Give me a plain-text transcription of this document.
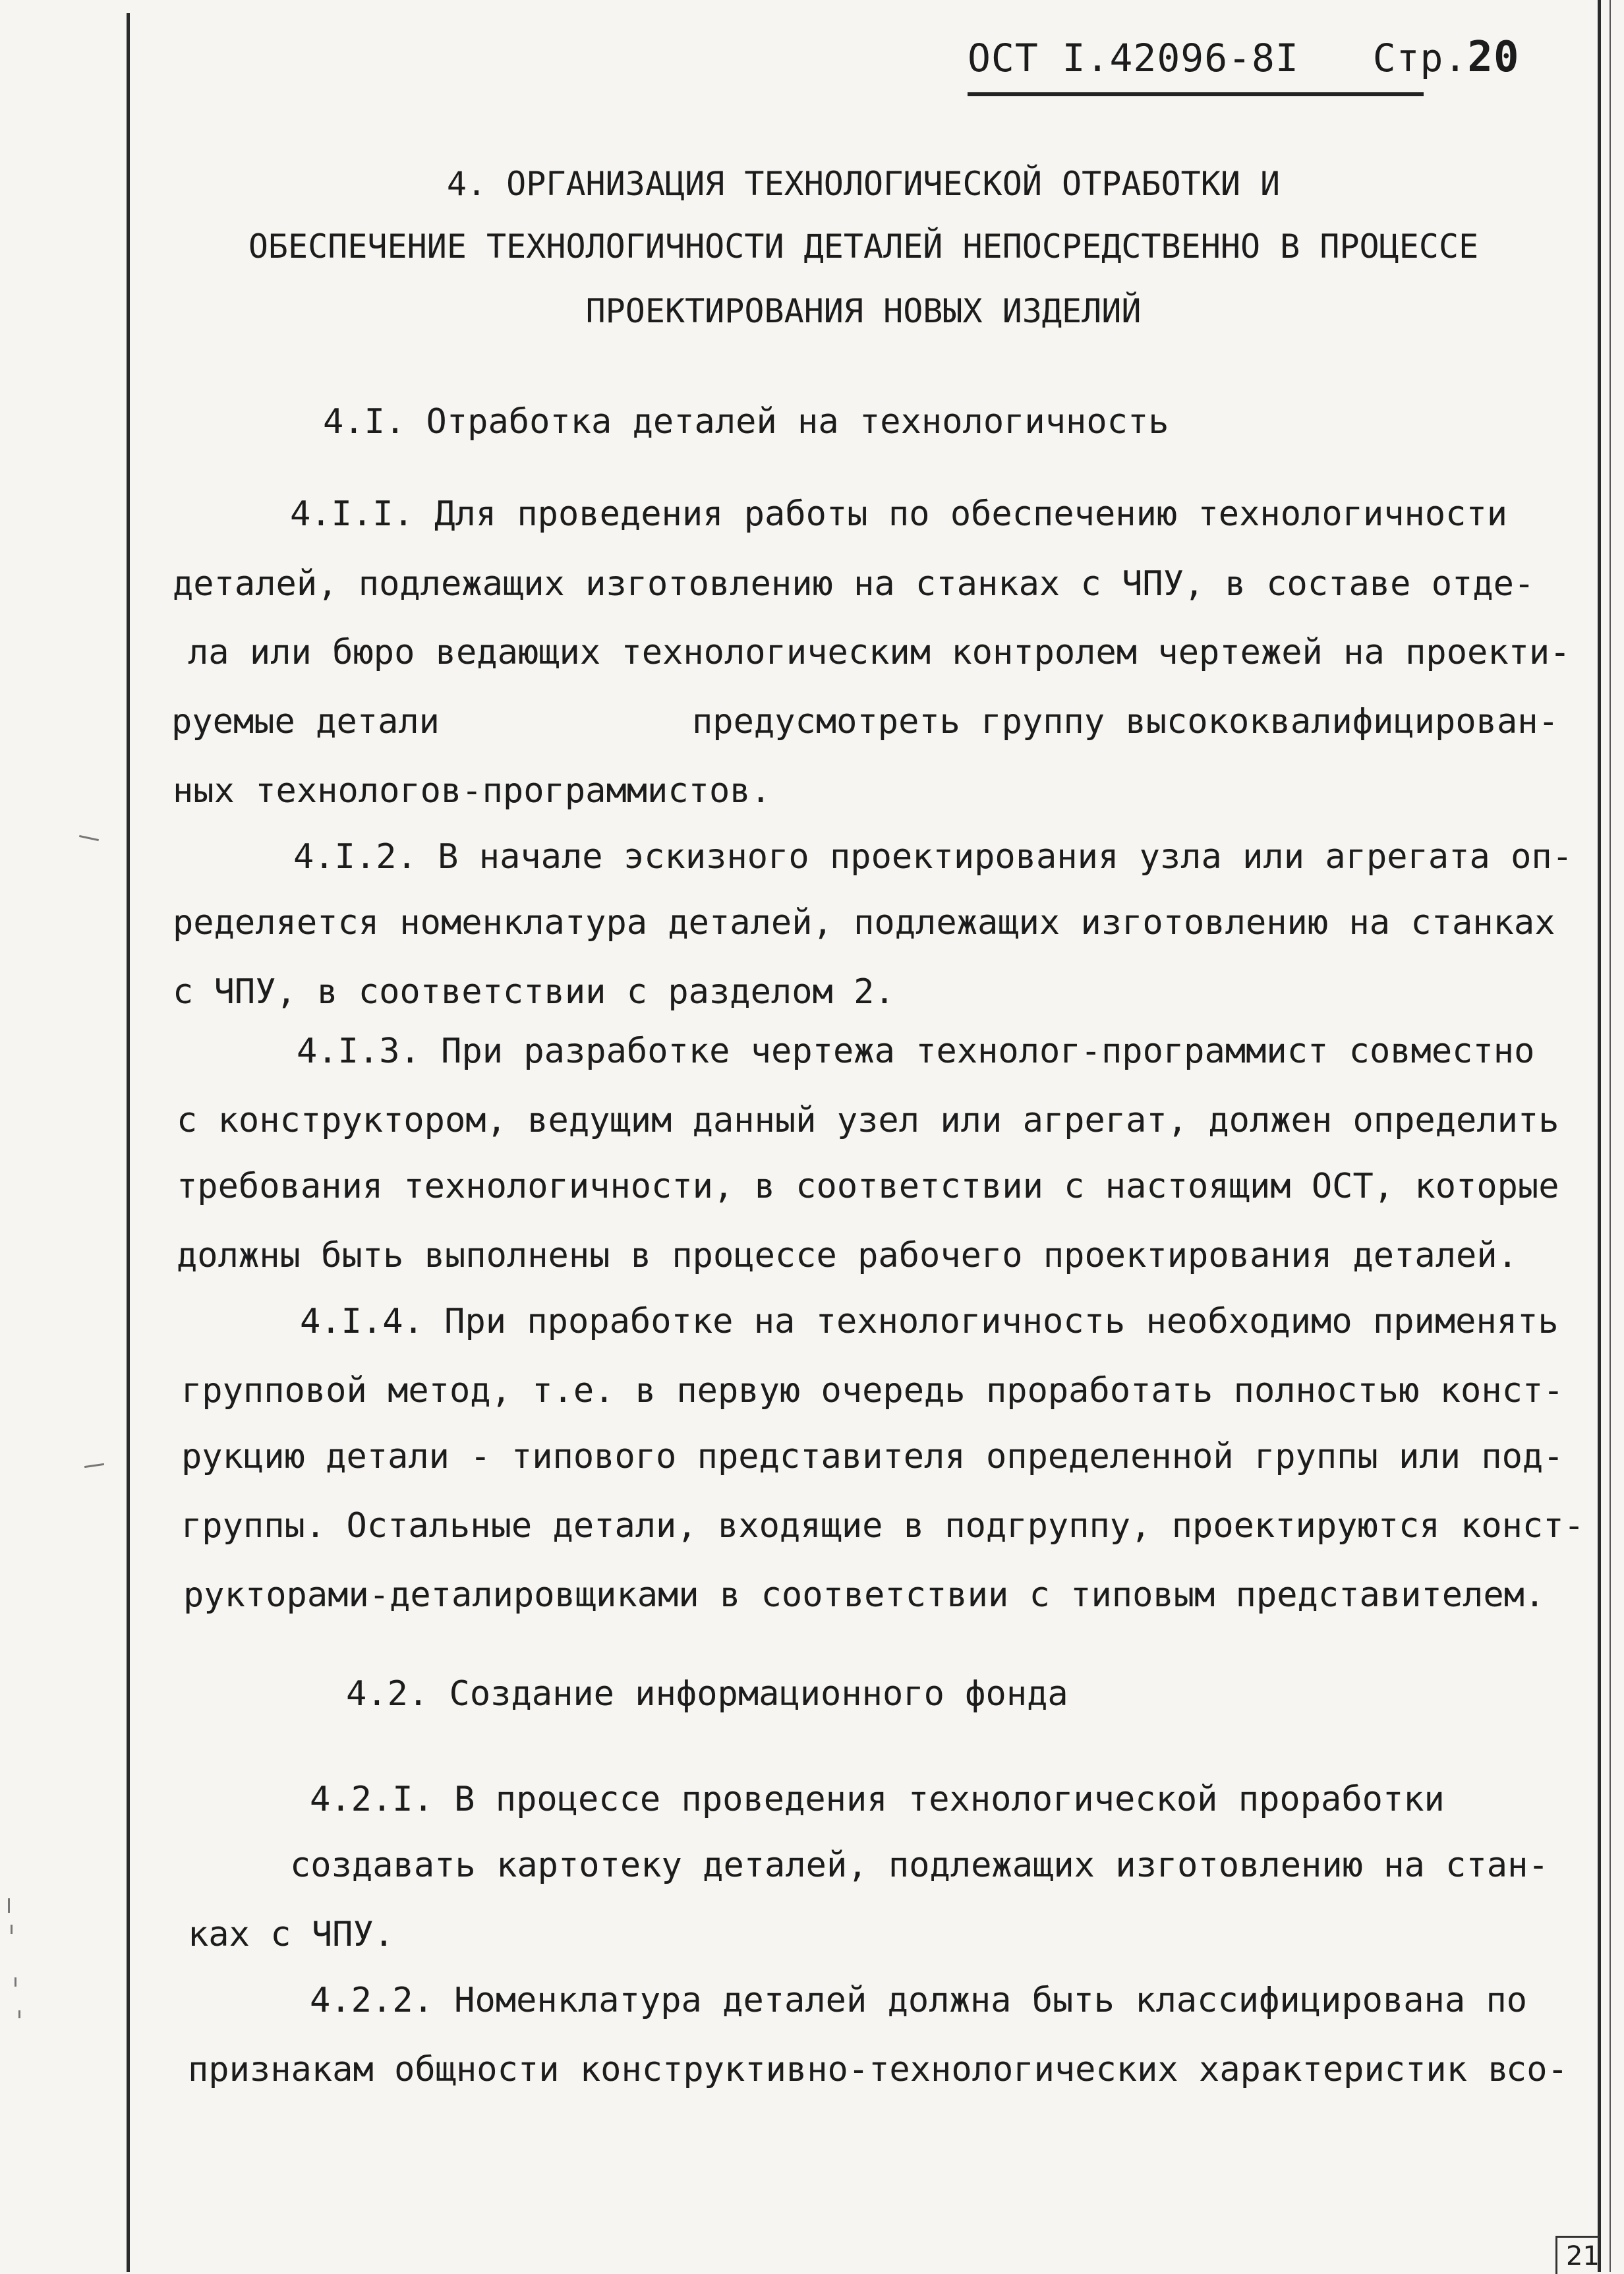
ОСТ I.42096-8I Стр.20
4. ОРГАНИЗАЦИЯ ТЕХНОЛОГИЧЕСКОЙ ОТРАБОТКИ И
ОБЕСПЕЧЕНИЕ ТЕХНОЛОГИЧНОСТИ ДЕТАЛЕЙ НЕПОСРЕДСТВЕННО В ПРОЦЕССЕ
ПРОЕКТИРОВАНИЯ НОВЫХ ИЗДЕЛИЙ
4.I. Отработка деталей на технологичность
4.I.I. Для проведения работы по обеспечению технологичности
деталей, подлежащих изготовлению на станках с ЧПУ, в составе отде-
ла или бюро ведающих технологическим контролем чертежей на проекти-
руемые детали	предусмотреть группу высококвалифицирован-
ных технологов-программистов.
4.I.2. В начале эскизного проектирования узла или агрегата оп-
ределяется номенклатура деталей, подлежащих изготовлению на станках
с ЧПУ, в соответствии с разделом 2.
4.I.3. При разработке чертежа технолог-программист совместно
с конструктором, ведущим данный узел или агрегат, должен определить
требования технологичности, в соответствии с настоящим ОСТ, которые
должны быть выполнены в процессе рабочего проектирования деталей.
4.I.4. При проработке на технологичность необходимо применять
групповой метод, т.е. в первую очередь проработать полностью конст-
рукцию детали - типового представителя определенной группы или под-
группы. Остальные детали, входящие в подгруппу, проектируются конст-
рукторами-деталировщиками в соответствии с типовым представителем.
4.2. Создание информационного фонда
4.2.I. В процессе проведения технологической проработки
создавать картотеку деталей, подлежащих изготовлению на стан-
ках с ЧПУ.
4.2.2. Номенклатура деталей должна быть классифицирована по
признакам общности конструктивно-технологических характеристик в
со-
21
